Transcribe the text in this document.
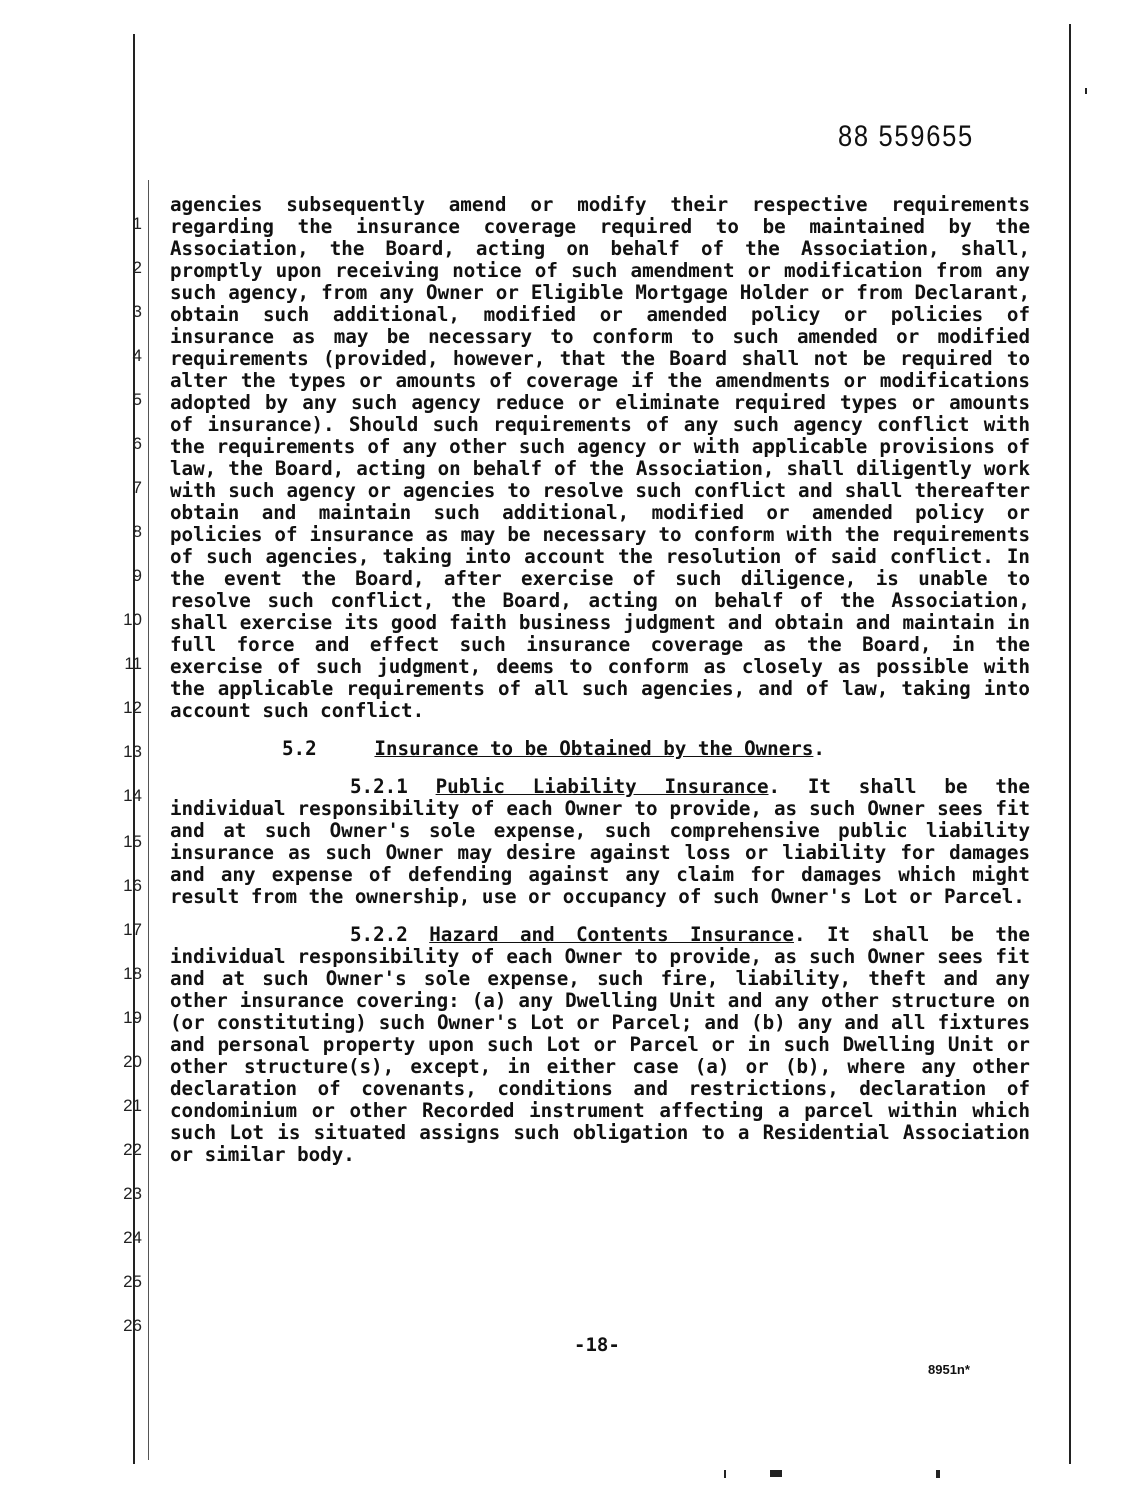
88 559655
1
2
3
4
5
6
7
8
9
10
11
12
13
14
15
16
17
18
19
20
21
22
23
24
25
26

agencies subsequently amend or modify their respective requirements regarding the insurance coverage required to be maintained by the Association, the Board, acting on behalf of the Association, shall, promptly upon receiving notice of such amendment or modification from any such agency, from any Owner or Eligible Mortgage Holder or from Declarant, obtain such additional, modified or amended policy or policies of insurance as may be necessary to conform to such amended or modified requirements (provided, however, that the Board shall not be required to alter the types or amounts of coverage if the amendments or modifications adopted by any such agency reduce or eliminate required types or amounts of insurance). Should such requirements of any such agency conflict with the requirements of any other such agency or with applicable provisions of law, the Board, acting on behalf of the Association, shall diligently work with such agency or agencies to resolve such conflict and shall thereafter obtain and maintain such additional, modified or amended policy or policies of insurance as may be necessary to conform with the requirements of such agencies, taking into account the resolution of said conflict. In the event the Board, after exercise of such diligence, is unable to resolve such conflict, the Board, acting on behalf of the Association, shall exercise its good faith business judgment and obtain and maintain in full force and effect such insurance coverage as the Board, in the exercise of such judgment, deems to conform as closely as possible with the applicable requirements of all such agencies, and of law, taking into account such conflict.

5.2	Insurance to be Obtained by the Owners.

5.2.1 Public Liability Insurance. It shall be the individual responsibility of each Owner to provide, as such Owner sees fit and at such Owner's sole expense, such comprehensive public liability insurance as such Owner may desire against loss or liability for damages and any expense of defending against any claim for damages which might result from the ownership, use or occupancy of such Owner's Lot or Parcel.

5.2.2 Hazard and Contents Insurance. It shall be the individual responsibility of each Owner to provide, as such Owner sees fit and at such Owner's sole expense, such fire, liability, theft and any other insurance covering: (a) any Dwelling Unit and any other structure on (or constituting) such Owner's Lot or Parcel; and (b) any and all fixtures and personal property upon such Lot or Parcel or in such Dwelling Unit or other structure(s), except, in either case (a) or (b), where any other declaration of covenants, conditions and restrictions, declaration of condominium or other Recorded instrument affecting a parcel within which such Lot is situated assigns such obligation to a Residential Association or similar body.

-18-
8951n*
